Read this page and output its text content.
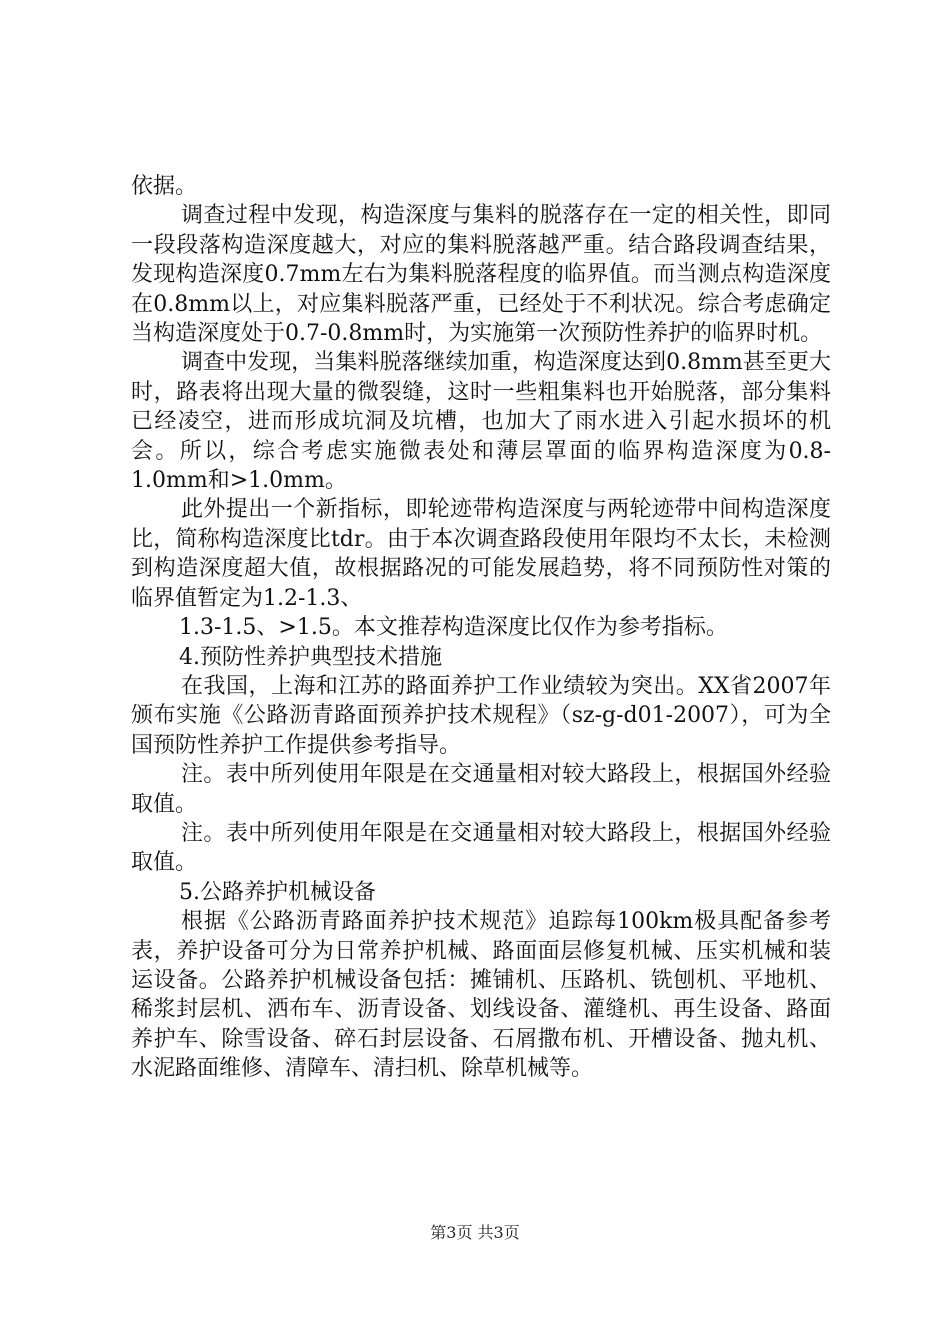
依据。

调查过程中发现，构造深度与集料的脱落存在一定的相关性，即同一段段落构造深度越大，对应的集料脱落越严重。结合路段调查结果，发现构造深度0.7mm左右为集料脱落程度的临界值。而当测点构造深度在0.8mm以上，对应集料脱落严重，已经处于不利状况。综合考虑确定当构造深度处于0.7-0.8mm时，为实施第一次预防性养护的临界时机。

调查中发现，当集料脱落继续加重，构造深度达到0.8mm甚至更大时，路表将出现大量的微裂缝，这时一些粗集料也开始脱落，部分集料已经凌空，进而形成坑洞及坑槽，也加大了雨水进入引起水损坏的机会。所以，综合考虑实施微表处和薄层罩面的临界构造深度为0.8-1.0mm和>1.0mm。

此外提出一个新指标，即轮迹带构造深度与两轮迹带中间构造深度比，简称构造深度比tdr。由于本次调查路段使用年限均不太长，未检测到构造深度超大值，故根据路况的可能发展趋势，将不同预防性对策的临界值暂定为1.2-1.3、

1.3-1.5、>1.5。本文推荐构造深度比仅作为参考指标。

4.预防性养护典型技术措施

在我国，上海和江苏的路面养护工作业绩较为突出。XX省2007年颁布实施《公路沥青路面预养护技术规程》（sz-g-d01-2007），可为全国预防性养护工作提供参考指导。

注。表中所列使用年限是在交通量相对较大路段上，根据国外经验取值。

注。表中所列使用年限是在交通量相对较大路段上，根据国外经验取值。

5.公路养护机械设备

根据《公路沥青路面养护技术规范》追踪每100km极具配备参考表，养护设备可分为日常养护机械、路面面层修复机械、压实机械和装运设备。公路养护机械设备包括：摊铺机、压路机、铣刨机、平地机、稀浆封层机、洒布车、沥青设备、划线设备、灌缝机、再生设备、路面养护车、除雪设备、碎石封层设备、石屑撒布机、开槽设备、抛丸机、水泥路面维修、清障车、清扫机、除草机械等。

第3页 共3页
